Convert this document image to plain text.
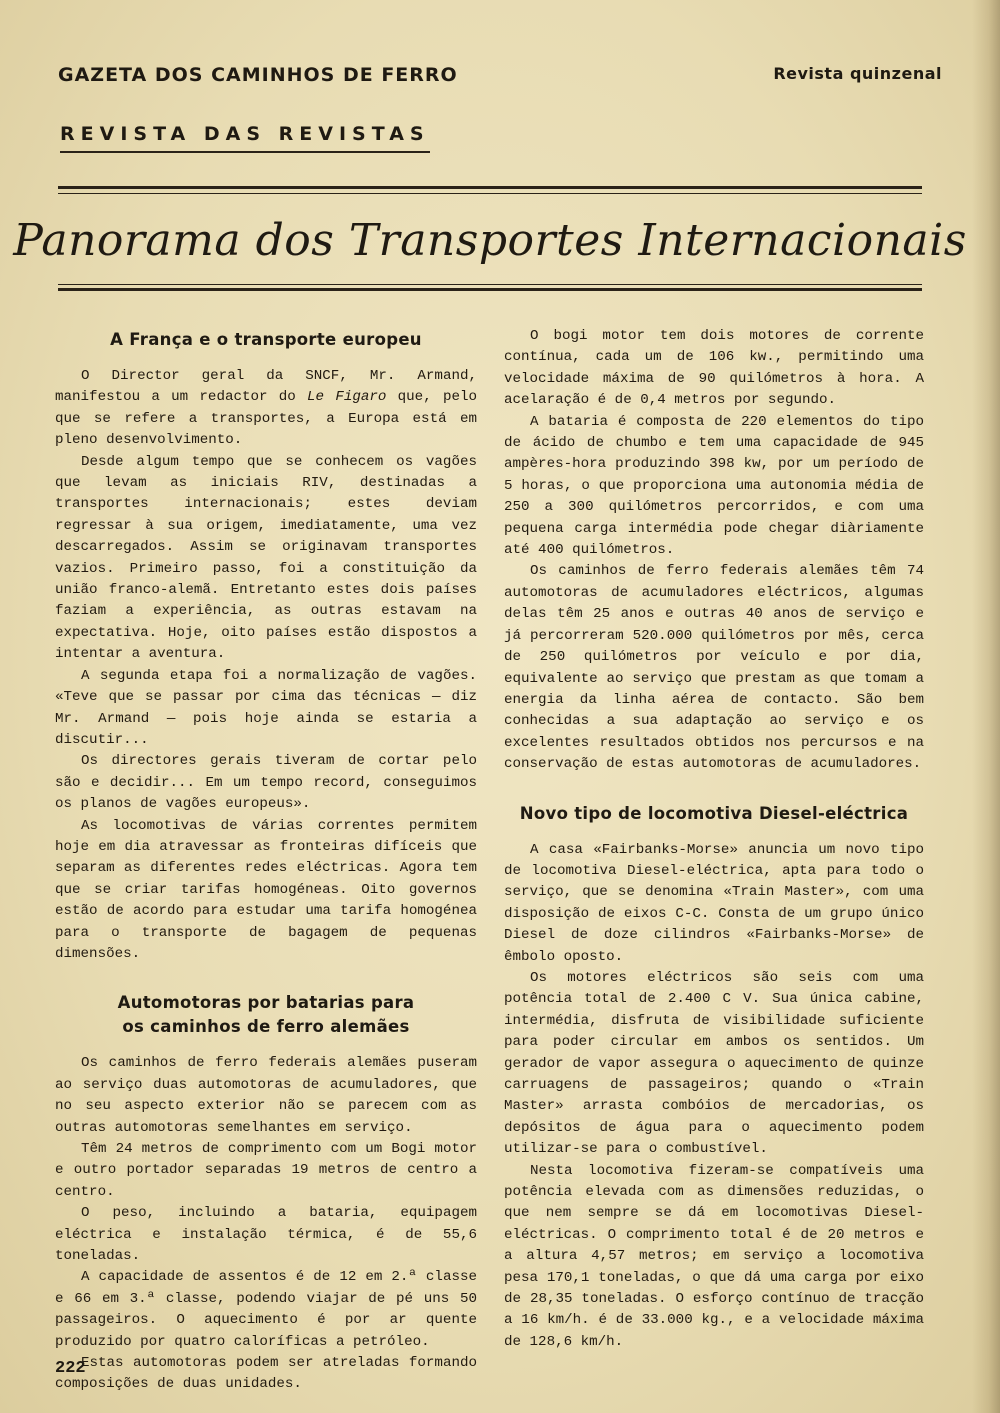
GAZETA DOS CAMINHOS DE FERRO	Revista quinzenal
REVISTA DAS REVISTAS
Panorama dos Transportes Internacionais
A França e o transporte europeu

O Director geral da SNCF, Mr. Armand, manifestou a um redactor do Le Figaro que, pelo que se refere a transportes, a Europa está em pleno desenvolvimento.

Desde algum tempo que se conhecem os vagões que levam as iniciais RIV, destinadas a transportes internacionais; estes deviam regressar à sua origem, imediatamente, uma vez descarregados. Assim se originavam transportes vazios. Primeiro passo, foi a constituição da união franco-alemã. Entretanto estes dois países faziam a experiência, as outras estavam na expectativa. Hoje, oito países estão dispostos a intentar a aventura.

A segunda etapa foi a normalização de vagões. «Teve que se passar por cima das técnicas — diz Mr. Armand — pois hoje ainda se estaria a discutir...

Os directores gerais tiveram de cortar pelo são e decidir... Em um tempo record, conseguimos os planos de vagões europeus».

As locomotivas de várias correntes permitem hoje em dia atravessar as fronteiras difíceis que separam as diferentes redes eléctricas. Agora tem que se criar tarifas homogéneas. Oito governos estão de acordo para estudar uma tarifa homogénea para o transporte de bagagem de pequenas dimensões.

Automotoras por batarias para
os caminhos de ferro alemães

Os caminhos de ferro federais alemães puseram ao serviço duas automotoras de acumuladores, que no seu aspecto exterior não se parecem com as outras automotoras semelhantes em serviço.

Têm 24 metros de comprimento com um Bogi motor e outro portador separadas 19 metros de centro a centro.

O peso, incluindo a bataria, equipagem eléctrica e instalação térmica, é de 55,6 toneladas.

A capacidade de assentos é de 12 em 2.ª classe e 66 em 3.ª classe, podendo viajar de pé uns 50 passageiros. O aquecimento é por ar quente produzido por quatro caloríficas a petróleo.

Estas automotoras podem ser atreladas formando composições de duas unidades.

O bogi motor tem dois motores de corrente contínua, cada um de 106 kw., permitindo uma velocidade máxima de 90 quilómetros à hora. A acelaração é de 0,4 metros por segundo.

A bataria é composta de 220 elementos do tipo de ácido de chumbo e tem uma capacidade de 945 ampères-hora produzindo 398 kw, por um período de 5 horas, o que proporciona uma autonomia média de 250 a 300 quilómetros percorridos, e com uma pequena carga intermédia pode chegar diàriamente até 400 quilómetros.

Os caminhos de ferro federais alemães têm 74 automotoras de acumuladores eléctricos, algumas delas têm 25 anos e outras 40 anos de serviço e já percorreram 520.000 quilómetros por mês, cerca de 250 quilómetros por veículo e por dia, equivalente ao serviço que prestam as que tomam a energia da linha aérea de contacto. São bem conhecidas a sua adaptação ao serviço e os excelentes resultados obtidos nos percursos e na conservação de estas automotoras de acumuladores.

Novo tipo de locomotiva Diesel-eléctrica

A casa «Fairbanks-Morse» anuncia um novo tipo de locomotiva Diesel-eléctrica, apta para todo o serviço, que se denomina «Train Master», com uma disposição de eixos C-C. Consta de um grupo único Diesel de doze cilindros «Fairbanks-Morse» de êmbolo oposto.

Os motores eléctricos são seis com uma potência total de 2.400 C V. Sua única cabine, intermédia, disfruta de visibilidade suficiente para poder circular em ambos os sentidos. Um gerador de vapor assegura o aquecimento de quinze carruagens de passageiros; quando o «Train Master» arrasta combóios de mercadorias, os depósitos de água para o aquecimento podem utilizar-se para o combustível.

Nesta locomotiva fizeram-se compatíveis uma potência elevada com as dimensões reduzidas, o que nem sempre se dá em locomotivas Diesel-eléctricas. O comprimento total é de 20 metros e a altura 4,57 metros; em serviço a locomotiva pesa 170,1 toneladas, o que dá uma carga por eixo de 28,35 toneladas. O esforço contínuo de tracção a 16 km/h. é de 33.000 kg., e a velocidade máxima de 128,6 km/h.

222
